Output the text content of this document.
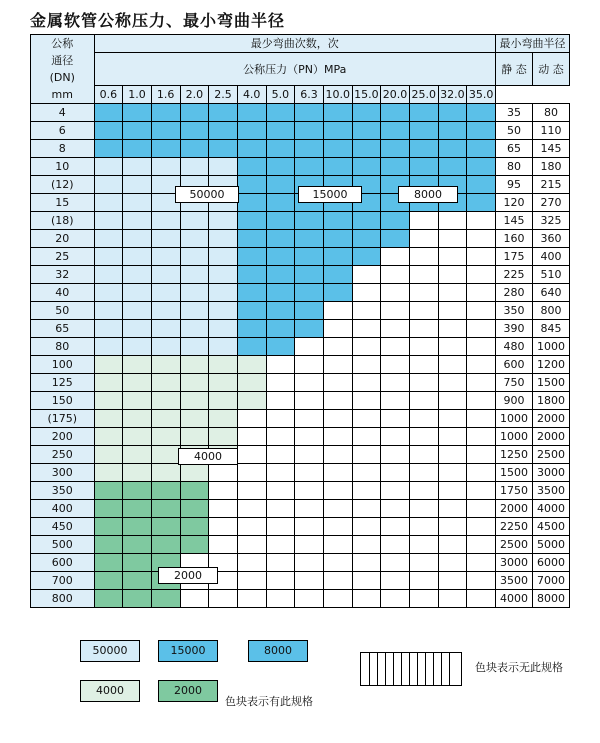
金属软管公称压力、最小弯曲半径
公称
通径
(DN)
mm	最少弯曲次数，次														最小弯曲半径	
	公称压力（PN）MPa														静 态	动 态

	0.6	1.0	1.6	2.0	2.5	4.0	5.0	6.3	10.0	15.0	20.0	25.0	32.0	35.0		
4															35	80
6															50	110
8															65	145
10															80	180
(12)															95	215
15															120	270
(18)															145	325
20															160	360
25															175	400
32															225	510
40															280	640
50															350	800
65															390	845
80															480	1000
100															600	1200
125															750	1500
150															900	1800
(175)															1000	2000
200															1000	2000
250															1250	2500
300															1500	3000
350															1750	3500
400															2000	4000
450															2250	4500
500															2500	5000
600															3000	6000
700															3500	7000
800															4000	8000
50000	15000	8000
4000
2000
50000	15000	8000
4000	2000
色块表示有此规格
色块表示无此规格
